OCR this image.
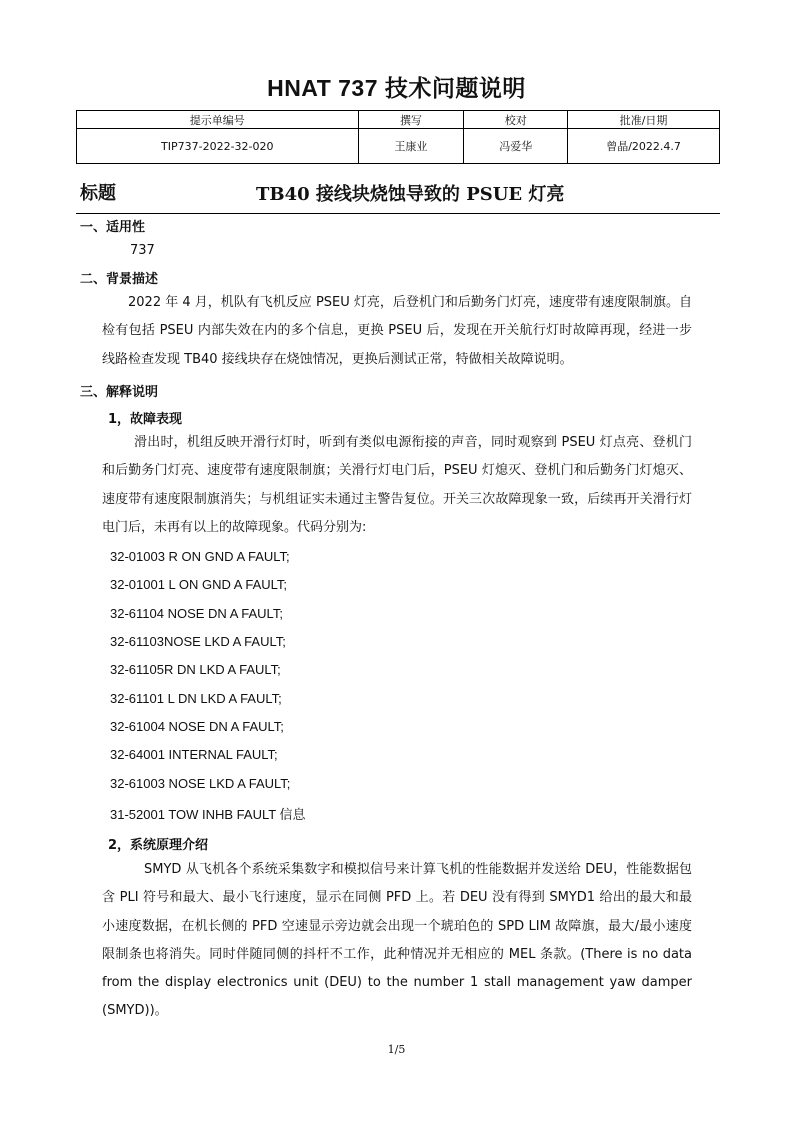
HNAT 737 技术问题说明
提示单编号	撰写	校对	批准/日期
TIP737-2022-32-020	王康业	冯爱华	曾晶/2022.4.7
标题	TB40 接线块烧蚀导致的 PSUE 灯亮
一、适用性
737
二、背景描述

2022 年 4 月，机队有飞机反应 PSEU 灯亮，后登机门和后勤务门灯亮，速度带有速度限制旗。自检有包括 PSEU 内部失效在内的多个信息，更换 PSEU 后，发现在开关航行灯时故障再现，经进一步线路检查发现 TB40 接线块存在烧蚀情况，更换后测试正常，特做相关故障说明。

三、解释说明
1，故障表现

滑出时，机组反映开滑行灯时，听到有类似电源衔接的声音，同时观察到 PSEU 灯点亮、登机门和后勤务门灯亮、速度带有速度限制旗；关滑行灯电门后，PSEU 灯熄灭、登机门和后勤务门灯熄灭、速度带有速度限制旗消失；与机组证实未通过主警告复位。开关三次故障现象一致，后续再开关滑行灯电门后，未再有以上的故障现象。代码分别为:

32-01003 R ON GND A FAULT;
32-01001 L ON GND A FAULT;
32-61104 NOSE DN A FAULT;
32-61103NOSE LKD A FAULT;
32-61105R DN LKD A FAULT;
32-61101 L DN LKD A FAULT;
32-61004 NOSE DN A FAULT;
32-64001 INTERNAL FAULT;
32-61003 NOSE LKD A FAULT;
31-52001 TOW INHB FAULT 信息
2，系统原理介绍

SMYD 从飞机各个系统采集数字和模拟信号来计算飞机的性能数据并发送给 DEU，性能数据包含 PLI 符号和最大、最小飞行速度，显示在同侧 PFD 上。若 DEU 没有得到 SMYD1 给出的最大和最小速度数据，在机长侧的 PFD 空速显示旁边就会出现一个琥珀色的 SPD LIM 故障旗，最大/最小速度限制条也将消失。同时伴随同侧的抖杆不工作，此种情况并无相应的 MEL 条款。(There is no data from the display electronics unit (DEU) to the number 1 stall management yaw damper (SMYD))。

1/5
